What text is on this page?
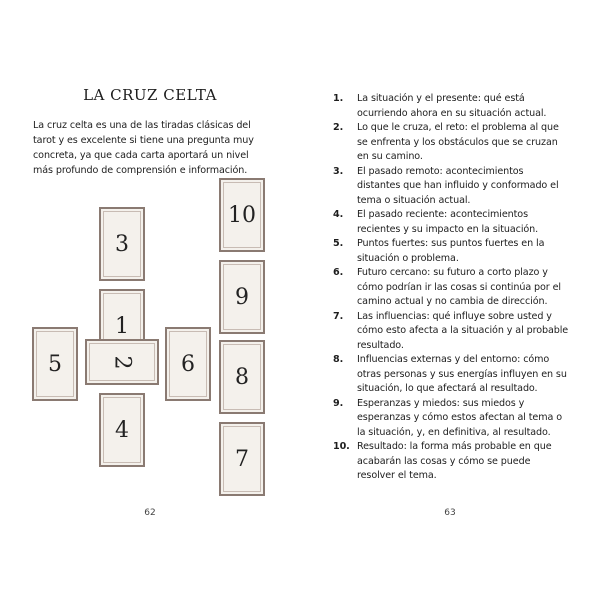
LA CRUZ CELTA
La cruz celta es una de las tiradas clásicas del tarot y es excelente si tiene una pregunta muy concreta, ya que cada carta aportará un nivel más profundo de comprensión e información.
3
1
4
5	6
2
10
9
8
7
62	63
1.	La situación y el presente: qué está ocurriendo ahora en su situación actual.
2.	Lo que le cruza, el reto: el problema al que se enfrenta y los obstáculos que se cruzan en su camino.
3.	El pasado remoto: acontecimientos distantes que han influido y conformado el tema o situación actual.
4.	El pasado reciente: acontecimientos recientes y su impacto en la situación.
5.	Puntos fuertes: sus puntos fuertes en la situación o problema.
6.	Futuro cercano: su futuro a corto plazo y cómo podrían ir las cosas si continúa por el camino actual y no cambia de dirección.
7.	Las influencias: qué influye sobre usted y cómo esto afecta a la situación y al probable resultado.
8.	Influencias externas y del entorno: cómo otras personas y sus energías influyen en su situación, lo que afectará al resultado.
9.	Esperanzas y miedos: sus miedos y esperanzas y cómo estos afectan al tema o la situación, y, en definitiva, al resultado.
10. Resultado: la forma más probable en que acabarán las cosas y cómo se puede resolver el tema.
